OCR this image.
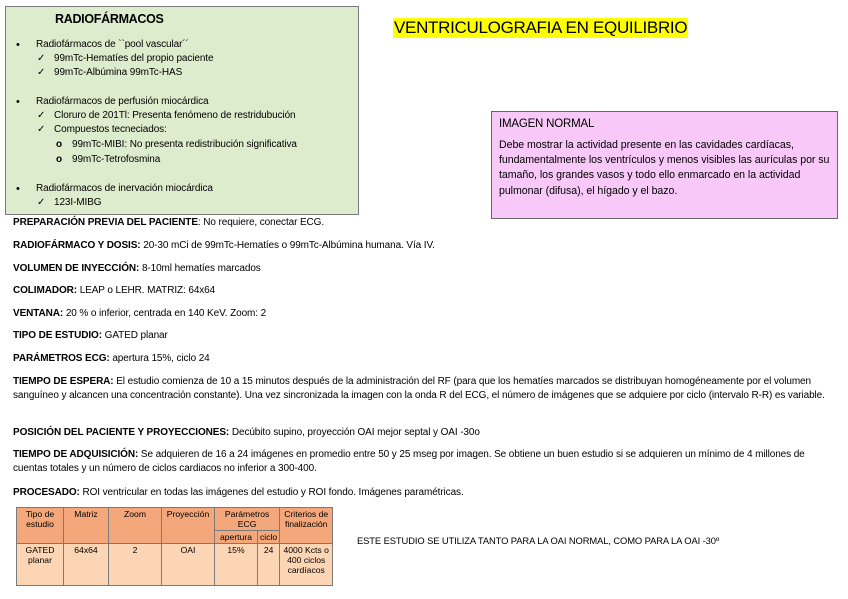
RADIOFÁRMACOS
• Radiofármacos de ``pool vascular´´
✓ 99mTc-Hematíes del propio paciente
✓ 99mTc-Albúmina 99mTc-HAS
• Radiofármacos de perfusión miocárdica
✓ Cloruro de 201Tl: Presenta fenómeno de restridubución
✓ Compuestos tecneciados:
o 99mTc-MIBI: No presenta redistribución significativa
o 99mTc-Tetrofosmina
• Radiofármacos de inervación miocárdica
✓ 123I-MIBG
VENTRICULOGRAFIA EN EQUILIBRIO
IMAGEN NORMAL
Debe mostrar la actividad presente en las cavidades cardíacas, fundamentalmente los ventrículos y menos visibles las aurículas por su tamaño, los grandes vasos y todo ello enmarcado en la actividad pulmonar (difusa), el hígado y el bazo.
PREPARACIÓN PREVIA DEL PACIENTE: No requiere, conectar ECG.
RADIOFÁRMACO Y DOSIS: 20-30 mCi de 99mTc-Hematíes o 99mTc-Albúmina humana. Vía IV.
VOLUMEN DE INYECCIÓN: 8-10ml hematíes marcados
COLIMADOR: LEAP o LEHR. MATRIZ: 64x64
VENTANA: 20 % o inferior, centrada en 140 KeV. Zoom: 2
TIPO DE ESTUDIO: GATED planar
PARÁMETROS ECG: apertura 15%, ciclo 24
TIEMPO DE ESPERA: El estudio comienza de 10 a 15 minutos después de la administración del RF (para que los hematíes marcados se distribuyan homogéneamente por el volumen sanguíneo y alcancen una concentración constante). Una vez sincronizada la imagen con la onda R del ECG, el número de imágenes que se adquiere por ciclo (intervalo R-R) es variable.
POSICIÓN DEL PACIENTE Y PROYECCIONES: Decúbito supino, proyección OAI mejor septal y OAI -30o
TIEMPO DE ADQUISICIÓN: Se adquieren de 16 a 24 imágenes en promedio entre 50 y 25 mseg por imagen. Se obtiene un buen estudio si se adquieren un mínimo de 4 millones de cuentas totales y un número de ciclos cardiacos no inferior a 300-400.
PROCESADO: ROI ventricular en todas las imágenes del estudio y ROI fondo. Imágenes paramétricas.
Tipo de estudio	Matriz	Zoom	Proyección	Parámetros ECG		Criterios de finalización
				apertura	ciclo	
GATED planar	64x64	2	OAI	15%	24	4000 Kcts o 400 ciclos cardíacos
ESTE ESTUDIO SE UTILIZA TANTO PARA LA OAI NORMAL, COMO PARA LA OAI -30º
